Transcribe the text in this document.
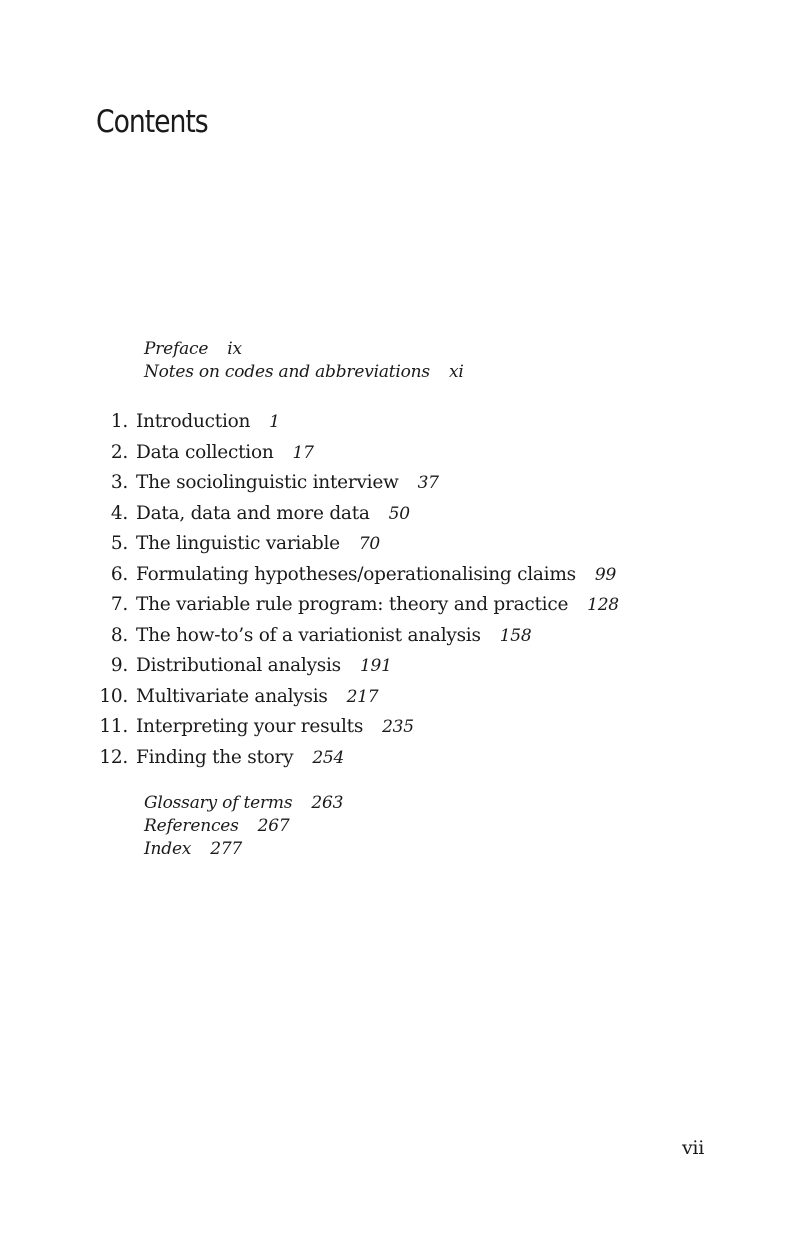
Contents
Preface ix
Notes on codes and abbreviations xi
1. Introduction 1
2. Data collection 17
3. The sociolinguistic interview 37
4. Data, data and more data 50
5. The linguistic variable 70
6. Formulating hypotheses/operationalising claims 99
7. The variable rule program: theory and practice 128
8. The how-to’s of a variationist analysis 158
9. Distributional analysis 191
10. Multivariate analysis 217
11. Interpreting your results 235
12. Finding the story 254
Glossary of terms 263
References 267
Index 277
vii
